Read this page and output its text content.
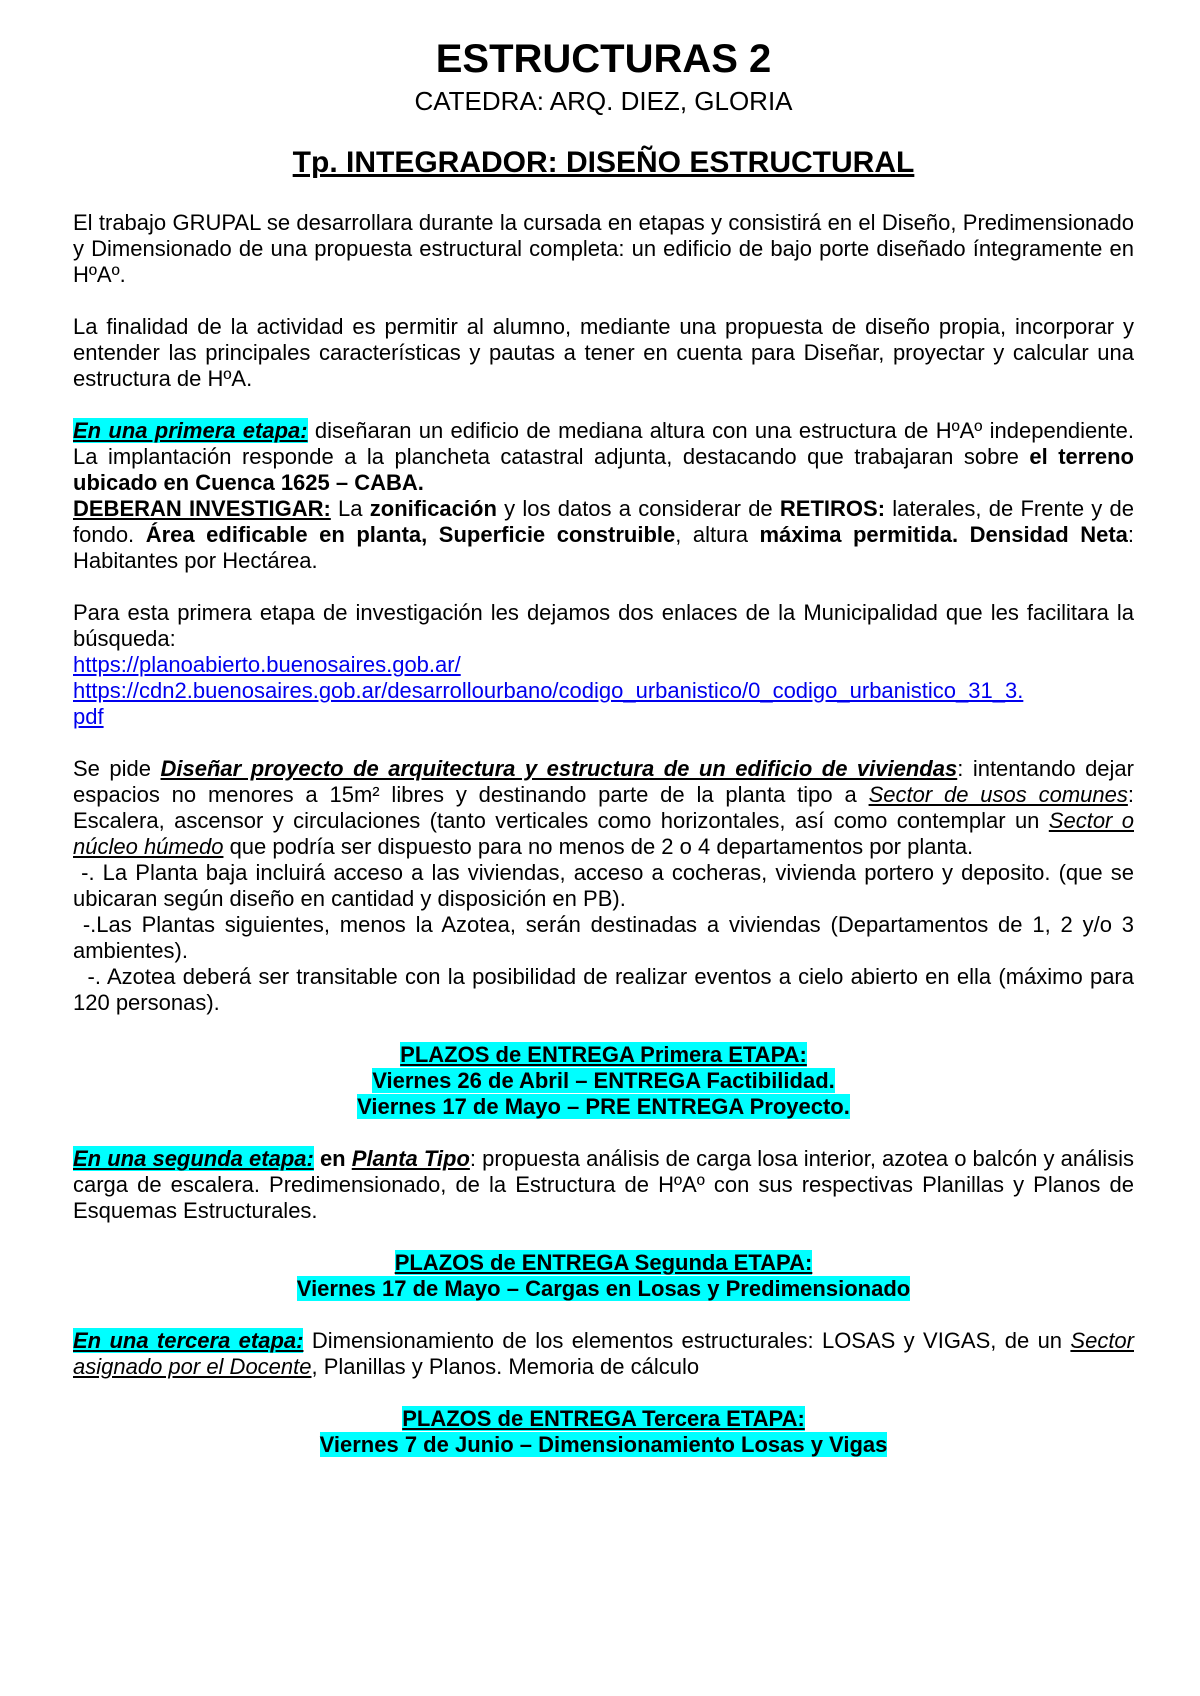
ESTRUCTURAS 2
CATEDRA: ARQ. DIEZ, GLORIA
Tp. INTEGRADOR: DISEÑO ESTRUCTURAL

El trabajo GRUPAL se desarrollara durante la cursada en etapas y consistirá en el Diseño, Predimensionado y Dimensionado de una propuesta estructural completa: un edificio de bajo porte diseñado íntegramente en HºAº.

La finalidad de la actividad es permitir al alumno, mediante una propuesta de diseño propia, incorporar y entender las principales características y pautas a tener en cuenta para Diseñar, proyectar y calcular una estructura de HºA.

En una primera etapa: diseñaran un edificio de mediana altura con una estructura de HºAº independiente. La implantación responde a la plancheta catastral adjunta, destacando que trabajaran sobre el terreno ubicado en Cuenca 1625 – CABA.

DEBERAN INVESTIGAR: La zonificación y los datos a considerar de RETIROS: laterales, de Frente y de fondo. Área edificable en planta, Superficie construible, altura máxima permitida. Densidad Neta: Habitantes por Hectárea.

Para esta primera etapa de investigación les dejamos dos enlaces de la Municipalidad que les facilitara la búsqueda:

https://planoabierto.buenosaires.gob.ar/
https://cdn2.buenosaires.gob.ar/desarrollourbano/codigo_urbanistico/0_codigo_urbanistico_31_3.
pdf

Se pide Diseñar proyecto de arquitectura y estructura de un edificio de viviendas: intentando dejar espacios no menores a 15m² libres y destinando parte de la planta tipo a Sector de usos comunes: Escalera, ascensor y circulaciones (tanto verticales como horizontales, así como contemplar un Sector o núcleo húmedo que podría ser dispuesto para no menos de 2 o 4 departamentos por planta.

-. La Planta baja incluirá acceso a las viviendas, acceso a cocheras, vivienda portero y deposito. (que se ubicaran según diseño en cantidad y disposición en PB).

-.Las Plantas siguientes, menos la Azotea, serán destinadas a viviendas (Departamentos de 1, 2 y/o 3 ambientes).

-. Azotea deberá ser transitable con la posibilidad de realizar eventos a cielo abierto en ella (máximo para 120 personas).

PLAZOS de ENTREGA Primera ETAPA:
Viernes 26 de Abril – ENTREGA Factibilidad.
Viernes 17 de Mayo – PRE ENTREGA Proyecto.

En una segunda etapa: en Planta Tipo: propuesta análisis de carga losa interior, azotea o balcón y análisis carga de escalera. Predimensionado, de la Estructura de HºAº con sus respectivas Planillas y Planos de Esquemas Estructurales.

PLAZOS de ENTREGA Segunda ETAPA:
Viernes 17 de Mayo – Cargas en Losas y Predimensionado

En una tercera etapa: Dimensionamiento de los elementos estructurales: LOSAS y VIGAS, de un Sector asignado por el Docente, Planillas y Planos. Memoria de cálculo

PLAZOS de ENTREGA Tercera ETAPA:
Viernes 7 de Junio – Dimensionamiento Losas y Vigas
